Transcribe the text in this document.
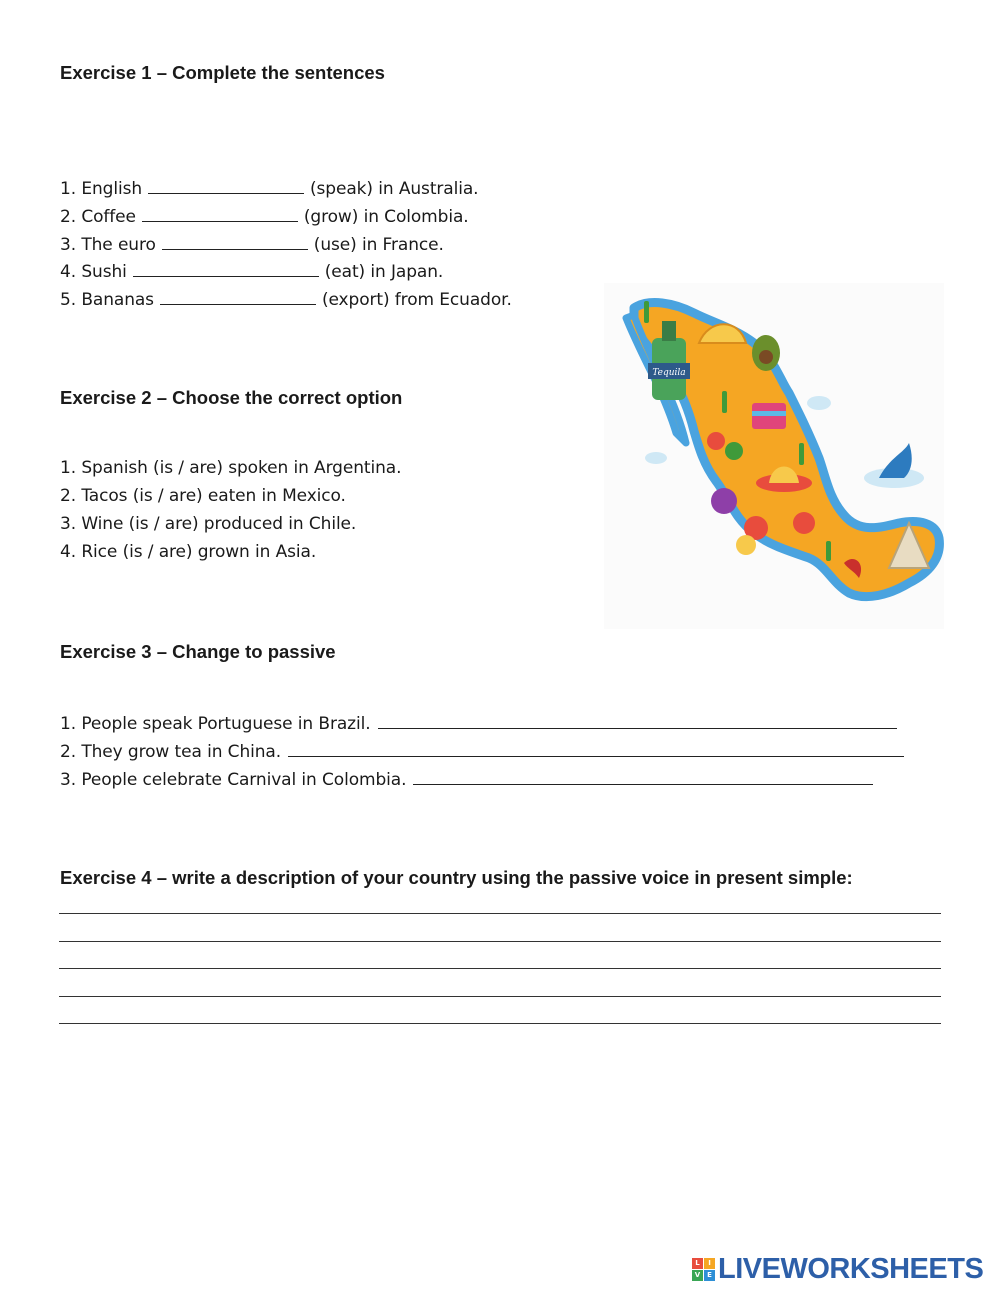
Exercise 1 – Complete the sentences
1. English	(speak) in Australia.
2. Coffee	(grow) in Colombia.
3. The euro	(use) in France.
4. Sushi	(eat) in Japan.
5. Bananas	(export) from Ecuador.
Exercise 2 – Choose the correct option
1. Spanish (is / are) spoken in Argentina.
2. Tacos (is / are) eaten in Mexico.
3. Wine (is / are) produced in Chile.
4. Rice (is / are) grown in Asia.
Tequila
Exercise 3 – Change to passive
1. People speak Portuguese in Brazil.
2. They grow tea in China.
3. People celebrate Carnival in Colombia.
Exercise 4 – write a description of your country using the passive voice in present simple:
L	I
V E LIVEWORKSHEETS
